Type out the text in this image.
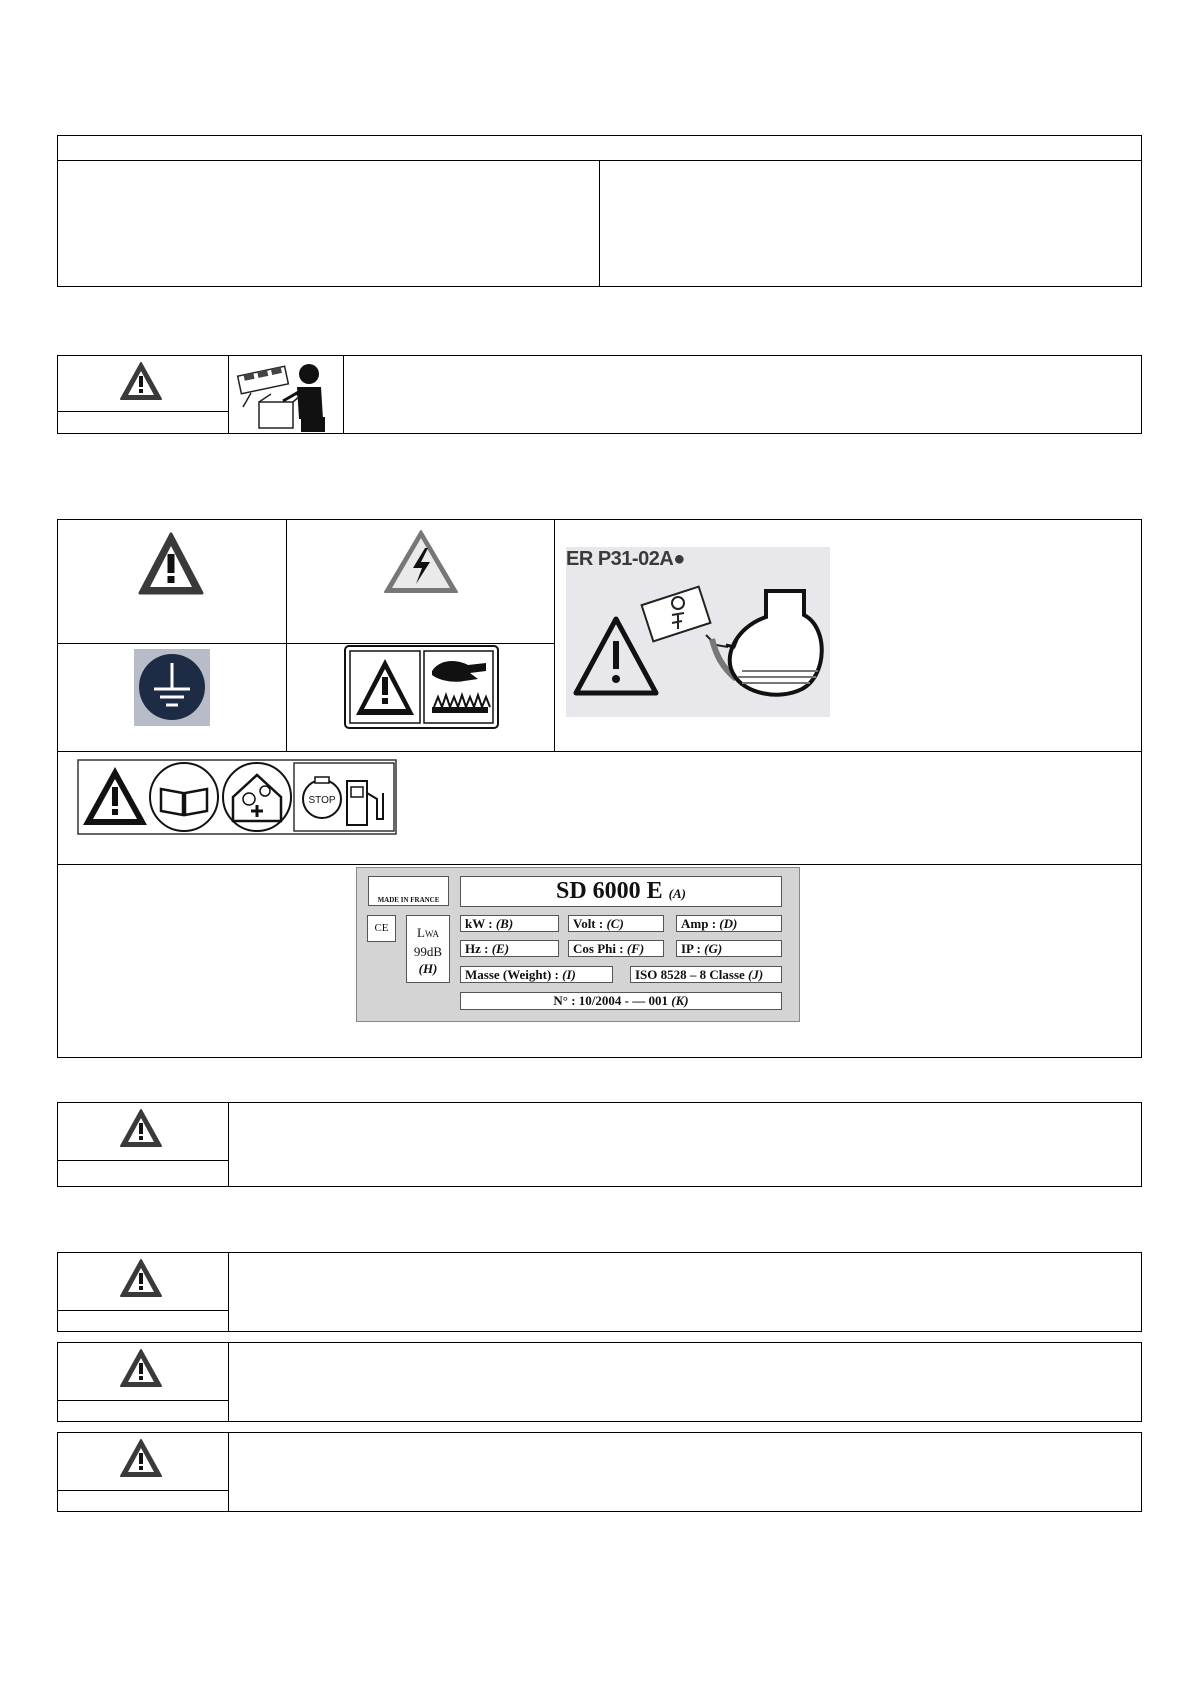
ER P31-02A●
STOP
MADE IN FRANCE	SD 6000 E (A)
CE	LWA
99dB
(H)
kW : (B)	Volt : (C)	Amp : (D)
Hz : (E)	Cos Phi : (F)	IP : (G)
Masse (Weight) : (I)	ISO 8528 – 8 Classe (J)
N° : 10/2004 - — 001 (K)
